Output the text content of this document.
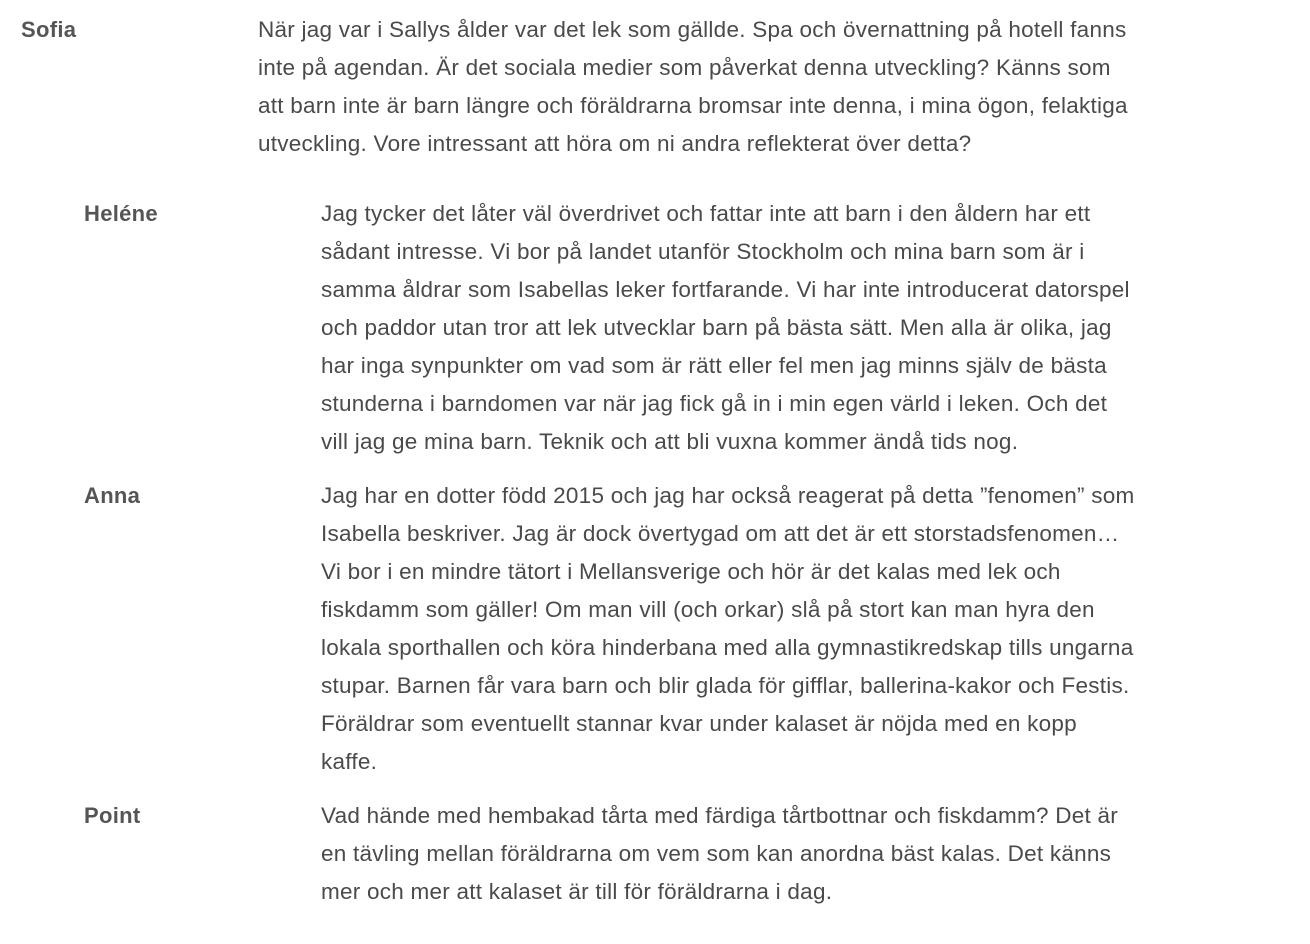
Sofia	När jag var i Sallys ålder var det lek som gällde. Spa och övernattning på hotell fanns
inte på agendan. Är det sociala medier som påverkat denna utveckling? Känns som
att barn inte är barn längre och föräldrarna bromsar inte denna, i mina ögon, felaktiga
utveckling. Vore intressant att höra om ni andra reflekterat över detta?
Heléne	Jag tycker det låter väl överdrivet och fattar inte att barn i den åldern har ett
sådant intresse. Vi bor på landet utanför Stockholm och mina barn som är i
samma åldrar som Isabellas leker fortfarande. Vi har inte introducerat datorspel
och paddor utan tror att lek utvecklar barn på bästa sätt. Men alla är olika, jag
har inga synpunkter om vad som är rätt eller fel men jag minns själv de bästa
stunderna i barndomen var när jag fick gå in i min egen värld i leken. Och det
vill jag ge mina barn. Teknik och att bli vuxna kommer ändå tids nog.
Anna	Jag har en dotter född 2015 och jag har också reagerat på detta ”fenomen” som
Isabella beskriver. Jag är dock övertygad om att det är ett storstadsfenomen…
Vi bor i en mindre tätort i Mellansverige och hör är det kalas med lek och
fiskdamm som gäller! Om man vill (och orkar) slå på stort kan man hyra den
lokala sporthallen och köra hinderbana med alla gymnastikredskap tills ungarna
stupar. Barnen får vara barn och blir glada för gifflar, ballerina-kakor och Festis.
Föräldrar som eventuellt stannar kvar under kalaset är nöjda med en kopp
kaffe.
Point	Vad hände med hembakad tårta med färdiga tårtbottnar och fiskdamm? Det är
en tävling mellan föräldrarna om vem som kan anordna bäst kalas. Det känns
mer och mer att kalaset är till för föräldrarna i dag.
